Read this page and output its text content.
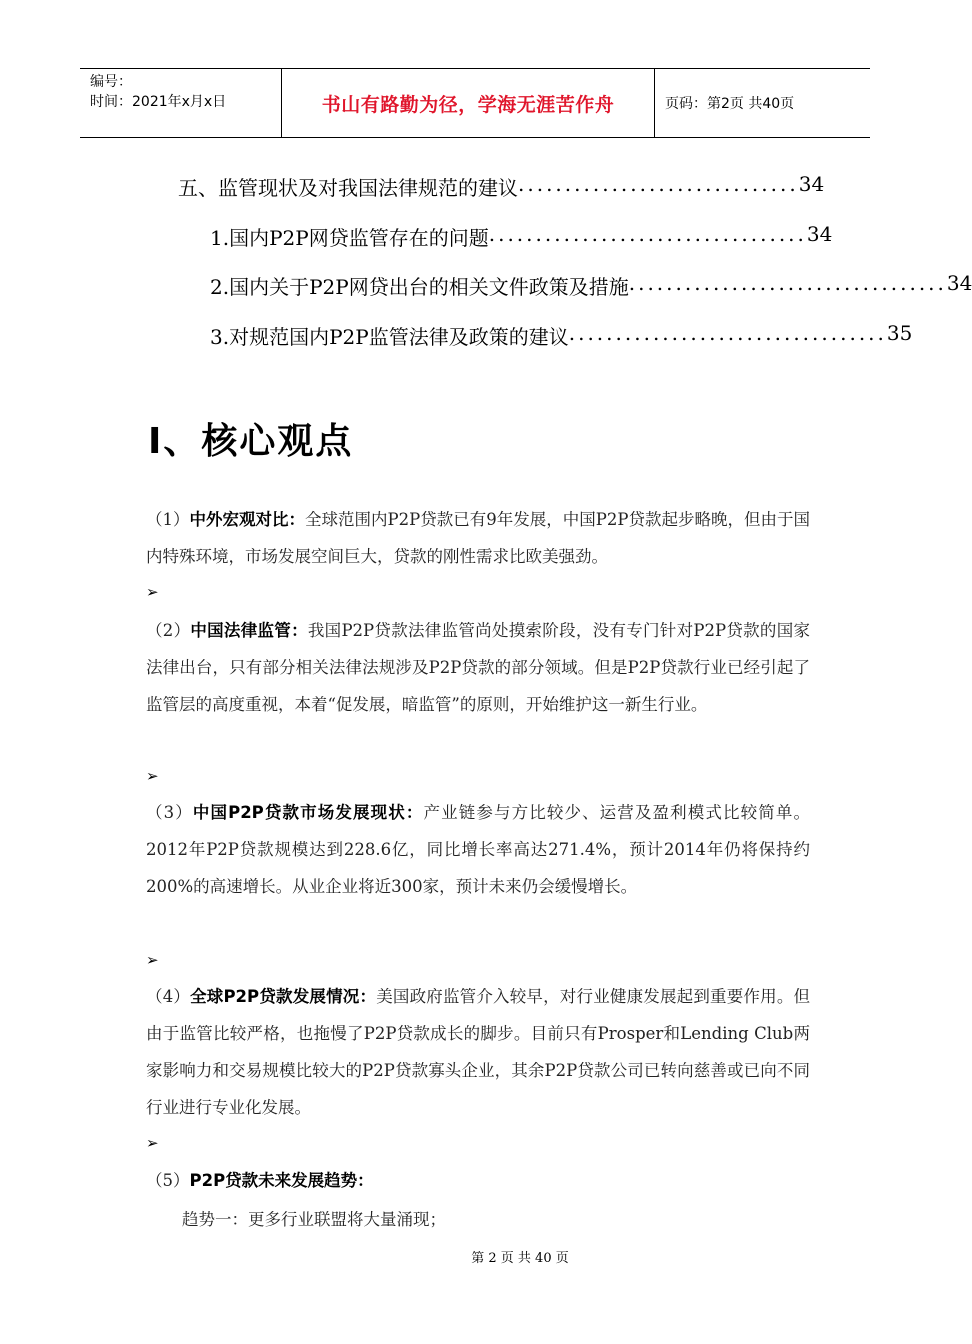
编号：
时间：2021年x月x日	书山有路勤为径，学海无涯苦作舟	页码：第2页 共40页
五、监管现状及对我国法律规范的建议 .............................. 34
1.国内P2P网贷监管存在的问题 .................................. 34
2.国内关于P2P网贷出台的相关文件政策及措施 .................................. 34
3.对规范国内P2P监管法律及政策的建议 .................................. 35
Ⅰ、核心观点
（1）中外宏观对比：全球范围内P2P贷款已有9年发展，中国P2P贷款起步略晚，但由于国内特殊环境，市场发展空间巨大，贷款的刚性需求比欧美强劲。
➢
（2）中国法律监管：我国P2P贷款法律监管尚处摸索阶段，没有专门针对P2P贷款的国家法律出台，只有部分相关法律法规涉及P2P贷款的部分领域。但是P2P贷款行业已经引起了监管层的高度重视，本着“促发展，暗监管”的原则，开始维护这一新生行业。
➢
（3）中国P2P贷款市场发展现状：产业链参与方比较少、运营及盈利模式比较简单。2012年P2P贷款规模达到228.6亿，同比增长率高达271.4%，预计2014年仍将保持约200%的高速增长。从业企业将近300家，预计未来仍会缓慢增长。
➢
（4）全球P2P贷款发展情况：美国政府监管介入较早，对行业健康发展起到重要作用。但由于监管比较严格，也拖慢了P2P贷款成长的脚步。目前只有Prosper和Lending Club两家影响力和交易规模比较大的P2P贷款寡头企业，其余P2P贷款公司已转向慈善或已向不同行业进行专业化发展。
➢
（5）P2P贷款未来发展趋势：
趋势一：更多行业联盟将大量涌现；
第 2 页 共 40 页
